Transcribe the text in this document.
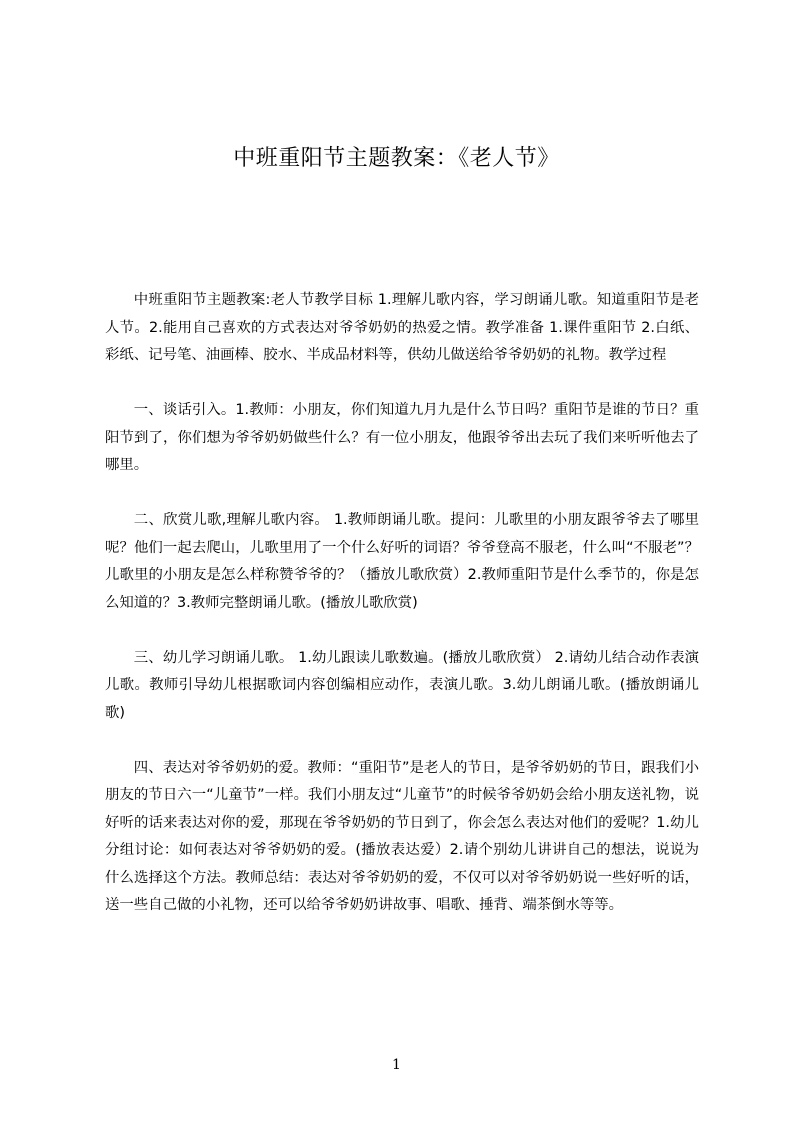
中班重阳节主题教案：《老人节》

中班重阳节主题教案:老人节教学目标 1.理解儿歌内容，学习朗诵儿歌。知道重阳节是老人节。2.能用自己喜欢的方式表达对爷爷奶奶的热爱之情。教学准备 1.课件重阳节 2.白纸、彩纸、记号笔、油画棒、胶水、半成品材料等，供幼儿做送给爷爷奶奶的礼物。教学过程

一、谈话引入。1.教师：小朋友，你们知道九月九是什么节日吗？重阳节是谁的节日？重阳节到了，你们想为爷爷奶奶做些什么？有一位小朋友，他跟爷爷出去玩了我们来听听他去了哪里。

二、欣赏儿歌,理解儿歌内容。 1.教师朗诵儿歌。提问：儿歌里的小朋友跟爷爷去了哪里呢？他们一起去爬山，儿歌里用了一个什么好听的词语？爷爷登高不服老，什么叫“不服老”？儿歌里的小朋友是怎么样称赞爷爷的？（播放儿歌欣赏）2.教师重阳节是什么季节的，你是怎么知道的？3.教师完整朗诵儿歌。(播放儿歌欣赏)

三、幼儿学习朗诵儿歌。 1.幼儿跟读儿歌数遍。(播放儿歌欣赏） 2.请幼儿结合动作表演儿歌。教师引导幼儿根据歌词内容创编相应动作，表演儿歌。3.幼儿朗诵儿歌。(播放朗诵儿歌)

四、表达对爷爷奶奶的爱。教师：“重阳节”是老人的节日，是爷爷奶奶的节日，跟我们小朋友的节日六一“儿童节”一样。我们小朋友过“儿童节”的时候爷爷奶奶会给小朋友送礼物，说好听的话来表达对你的爱，那现在爷爷奶奶的节日到了，你会怎么表达对他们的爱呢？1.幼儿分组讨论：如何表达对爷爷奶奶的爱。(播放表达爱）2.请个别幼儿讲讲自己的想法，说说为什么选择这个方法。教师总结：表达对爷爷奶奶的爱，不仅可以对爷爷奶奶说一些好听的话，送一些自己做的小礼物，还可以给爷爷奶奶讲故事、唱歌、捶背、端茶倒水等等。

1
